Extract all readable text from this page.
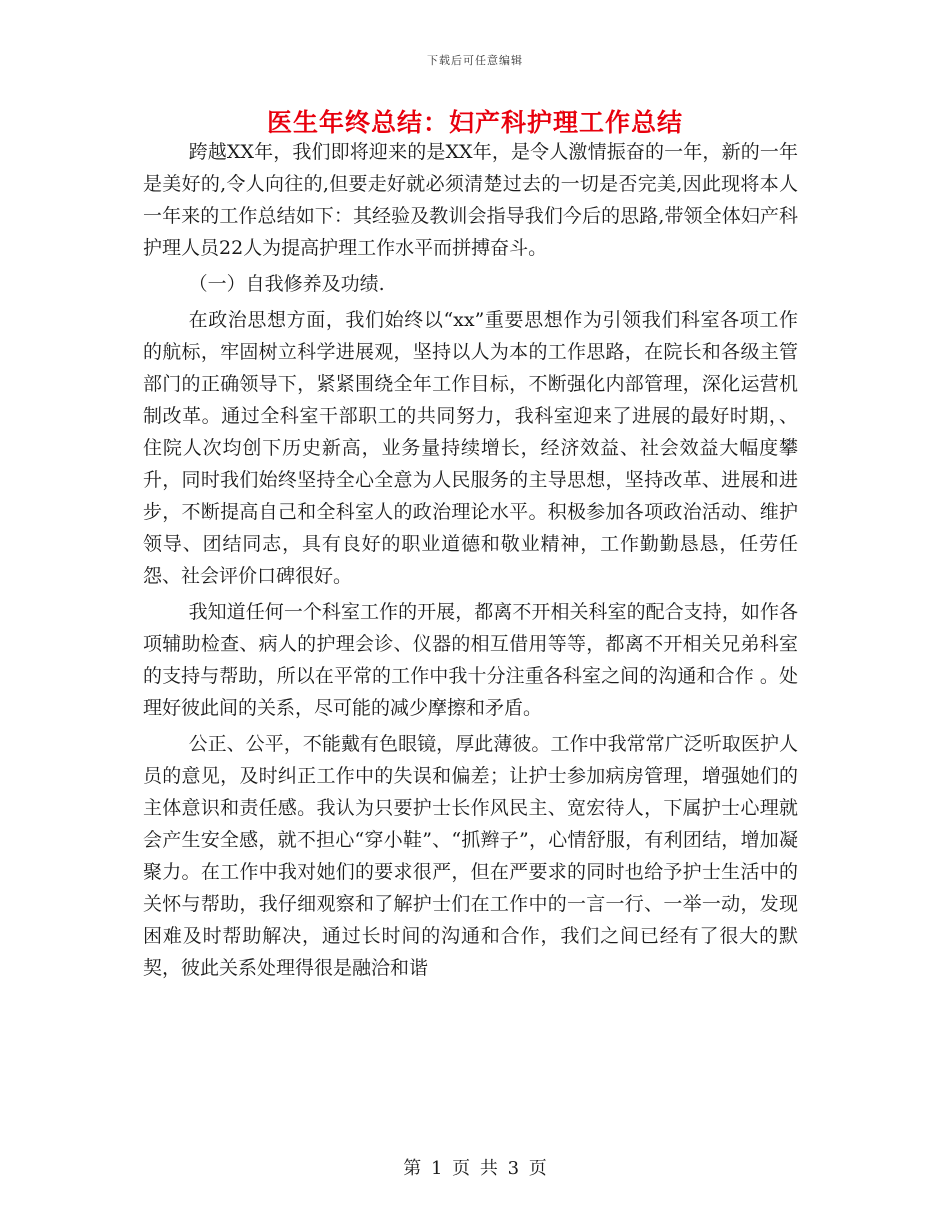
下载后可任意编辑
医生年终总结：妇产科护理工作总结

跨越XX年，我们即将迎来的是XX年，是令人激情振奋的一年，新的一年是美好的,令人向往的,但要走好就必须清楚过去的一切是否完美,因此现将本人一年来的工作总结如下：其经验及教训会指导我们今后的思路,带领全体妇产科护理人员22人为提高护理工作水平而拼搏奋斗。

（一）自我修养及功绩.

在政治思想方面，我们始终以“xx”重要思想作为引领我们科室各项工作的航标，牢固树立科学进展观，坚持以人为本的工作思路，在院长和各级主管部门的正确领导下，紧紧围绕全年工作目标，不断强化内部管理，深化运营机制改革。通过全科室干部职工的共同努力，我科室迎来了进展的最好时期，、住院人次均创下历史新高，业务量持续增长，经济效益、社会效益大幅度攀升，同时我们始终坚持全心全意为人民服务的主导思想，坚持改革、进展和进步，不断提高自己和全科室人的政治理论水平。积极参加各项政治活动、维护领导、团结同志，具有良好的职业道德和敬业精神，工作勤勤恳恳，任劳任怨、社会评价口碑很好。

我知道任何一个科室工作的开展，都离不开相关科室的配合支持，如作各项辅助检查、病人的护理会诊、仪器的相互借用等等，都离不开相关兄弟科室的支持与帮助，所以在平常的工作中我十分注重各科室之间的沟通和合作 。处理好彼此间的关系，尽可能的减少摩擦和矛盾。

公正、公平，不能戴有色眼镜，厚此薄彼。工作中我常常广泛听取医护人员的意见，及时纠正工作中的失误和偏差；让护士参加病房管理，增强她们的主体意识和责任感。我认为只要护士长作风民主、宽宏待人，下属护士心理就会产生安全感，就不担心“穿小鞋”、“抓辫子”，心情舒服，有利团结，增加凝聚力。在工作中我对她们的要求很严，但在严要求的同时也给予护士生活中的关怀与帮助，我仔细观察和了解护士们在工作中的一言一行、一举一动，发现困难及时帮助解决，通过长时间的沟通和合作，我们之间已经有了很大的默契，彼此关系处理得很是融洽和谐

第 1 页 共 3 页
